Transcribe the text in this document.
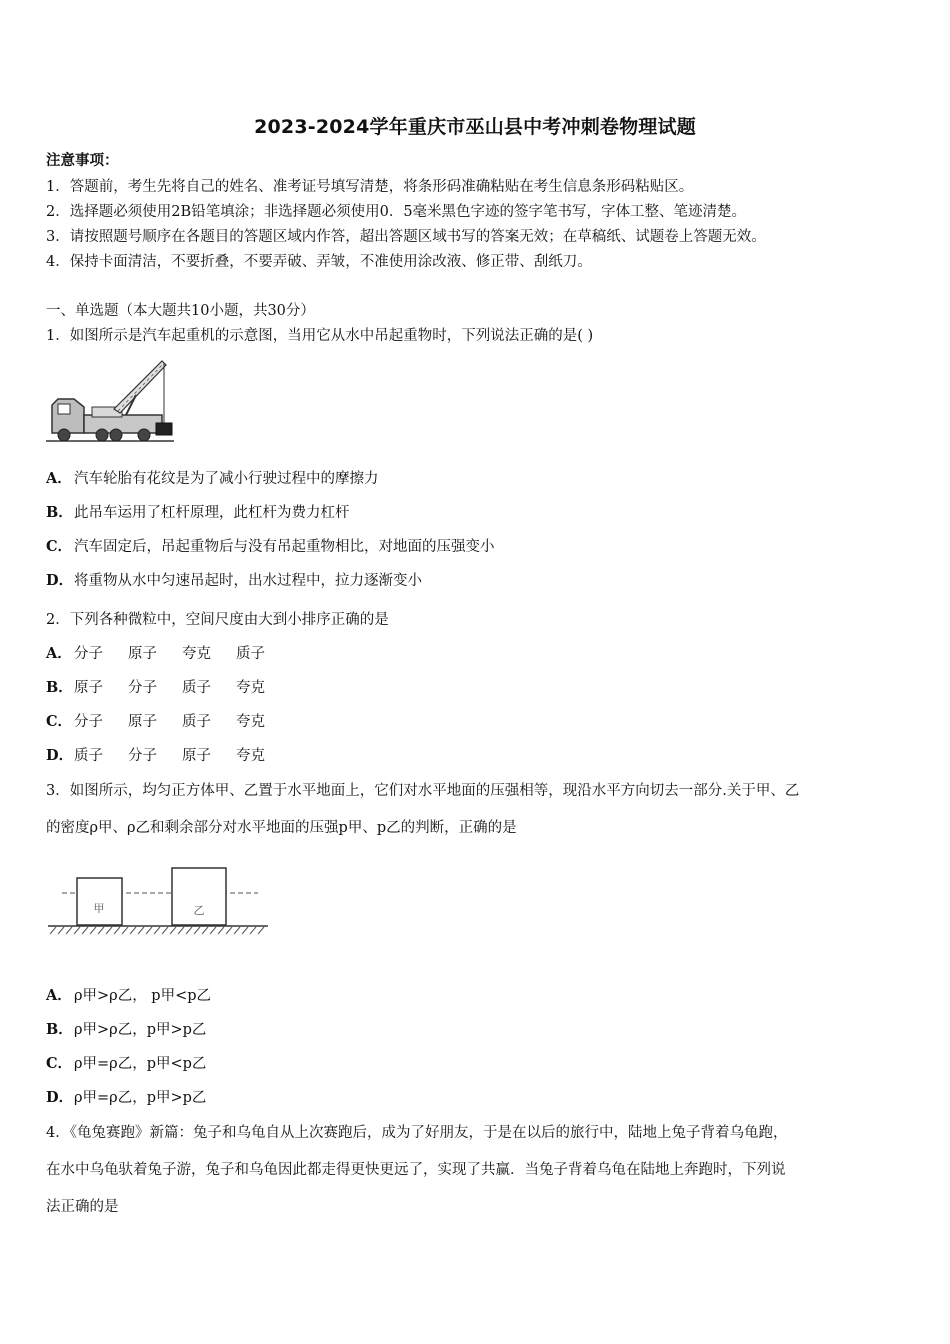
2023-2024学年重庆市巫山县中考冲刺卷物理试题
注意事项：
1．答题前，考生先将自己的姓名、准考证号填写清楚，将条形码准确粘贴在考生信息条形码粘贴区。
2．选择题必须使用2B铅笔填涂；非选择题必须使用0．5毫米黑色字迹的签字笔书写，字体工整、笔迹清楚。
3．请按照题号顺序在各题目的答题区域内作答，超出答题区域书写的答案无效；在草稿纸、试题卷上答题无效。
4．保持卡面清洁，不要折叠，不要弄破、弄皱，不准使用涂改液、修正带、刮纸刀。
一、单选题（本大题共10小题，共30分）
1．如图所示是汽车起重机的示意图，当用它从水中吊起重物时，下列说法正确的是( )
A． 汽车轮胎有花纹是为了减小行驶过程中的摩擦力
B．此吊车运用了杠杆原理，此杠杆为费力杠杆
C． 汽车固定后，吊起重物后与没有吊起重物相比，对地面的压强变小
D．将重物从水中匀速吊起时，出水过程中，拉力逐渐变小
2．下列各种微粒中，空间尺度由大到小排序正确的是
A． 分子 原子 夸克 质子
B．原子 分子 质子 夸克
C． 分子 原子 质子 夸克
D．质子 分子 原子 夸克
3．如图所示，均匀正方体甲、乙置于水平地面上，它们对水平地面的压强相等，现沿水平方向切去一部分.关于甲、乙
的密度ρ甲、ρ乙和剩余部分对水平地面的压强p甲、p乙的判断，正确的是
甲	乙
A． ρ甲>ρ乙， p甲<p乙
B．ρ甲>ρ乙，p甲>p乙
C． ρ甲=ρ乙，p甲<p乙
D．ρ甲=ρ乙，p甲>p乙
4．《龟兔赛跑》新篇：兔子和乌龟自从上次赛跑后，成为了好朋友，于是在以后的旅行中，陆地上兔子背着乌龟跑，
在水中乌龟驮着兔子游，兔子和乌龟因此都走得更快更远了，实现了共赢．当兔子背着乌龟在陆地上奔跑时，下列说
法正确的是
